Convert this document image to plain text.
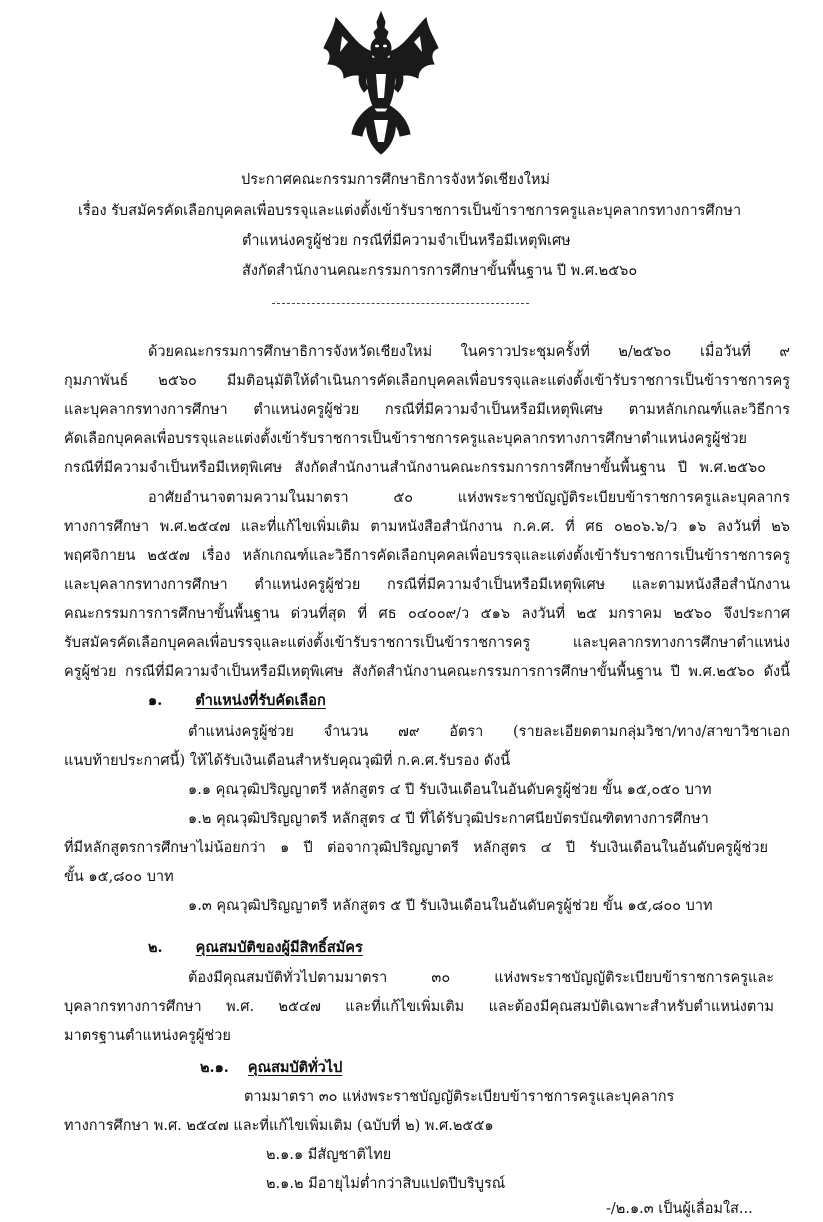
ประกาศคณะกรรมการศึกษาธิการจังหวัดเชียงใหม่
เรื่อง รับสมัครคัดเลือกบุคคลเพื่อบรรจุและแต่งตั้งเข้ารับราชการเป็นข้าราชการครูและบุคลากรทางการศึกษา
ตำแหน่งครูผู้ช่วย กรณีที่มีความจำเป็นหรือมีเหตุพิเศษ
สังกัดสำนักงานคณะกรรมการการศึกษาขั้นพื้นฐาน ปี พ.ศ.๒๕๖๐
ด้วยคณะกรรมการศึกษาธิการจังหวัดเชียงใหม่ ในคราวประชุมครั้งที่ ๒/๒๕๖๐ เมื่อวันที่ ๙
กุมภาพันธ์ ๒๕๖๐ มีมติอนุมัติให้ดำเนินการคัดเลือกบุคคลเพื่อบรรจุและแต่งตั้งเข้ารับราชการเป็นข้าราชการครู
และบุคลากรทางการศึกษา ตำแหน่งครูผู้ช่วย กรณีที่มีความจำเป็นหรือมีเหตุพิเศษ ตามหลักเกณฑ์และวิธีการ
คัดเลือกบุคคลเพื่อบรรจุและแต่งตั้งเข้ารับราชการเป็นข้าราชการครูและบุคลากรทางการศึกษาตำแหน่งครูผู้ช่วย
กรณีที่มีความจำเป็นหรือมีเหตุพิเศษ สังกัดสำนักงานสำนักงานคณะกรรมการการศึกษาขั้นพื้นฐาน ปี พ.ศ.๒๕๖๐
อาศัยอำนาจตามความในมาตรา ๕๐ แห่งพระราชบัญญัติระเบียบข้าราชการครูและบุคลากร
ทางการศึกษา พ.ศ.๒๕๔๗ และที่แก้ไขเพิ่มเติม ตามหนังสือสำนักงาน ก.ค.ศ. ที่ ศธ ๐๒๐๖.๖/ว ๑๖ ลงวันที่ ๒๖
พฤศจิกายน ๒๕๕๗ เรื่อง หลักเกณฑ์และวิธีการคัดเลือกบุคคลเพื่อบรรจุและแต่งตั้งเข้ารับราชการเป็นข้าราชการครู
และบุคลากรทางการศึกษา ตำแหน่งครูผู้ช่วย กรณีที่มีความจำเป็นหรือมีเหตุพิเศษ และตามหนังสือสำนักงาน
คณะกรรมการการศึกษาขั้นพื้นฐาน ด่วนที่สุด ที่ ศธ ๐๔๐๐๙/ว ๕๑๖ ลงวันที่ ๒๕ มกราคม ๒๕๖๐ จึงประกาศ
รับสมัครคัดเลือกบุคคลเพื่อบรรจุและแต่งตั้งเข้ารับราชการเป็นข้าราชการครู และบุคลากรทางการศึกษาตำแหน่ง
ครูผู้ช่วย กรณีที่มีความจำเป็นหรือมีเหตุพิเศษ สังกัดสำนักงานคณะกรรมการการศึกษาขั้นพื้นฐาน ปี พ.ศ.๒๕๖๐ ดังนี้
๑. ตำแหน่งที่รับคัดเลือก
ตำแหน่งครูผู้ช่วย จำนวน ๗๙ อัตรา (รายละเอียดตามกลุ่มวิชา/ทาง/สาขาวิชาเอก
แนบท้ายประกาศนี้) ให้ได้รับเงินเดือนสำหรับคุณวุฒิที่ ก.ค.ศ.รับรอง ดังนี้
๑.๑ คุณวุฒิปริญญาตรี หลักสูตร ๔ ปี รับเงินเดือนในอันดับครูผู้ช่วย ขั้น ๑๕,๐๕๐ บาท
๑.๒ คุณวุฒิปริญญาตรี หลักสูตร ๔ ปี ที่ได้รับวุฒิประกาศนียบัตรบัณฑิตทางการศึกษา
ที่มีหลักสูตรการศึกษาไม่น้อยกว่า ๑ ปี ต่อจากวุฒิปริญญาตรี หลักสูตร ๔ ปี รับเงินเดือนในอันดับครูผู้ช่วย
ขั้น ๑๕,๘๐๐ บาท
๑.๓ คุณวุฒิปริญญาตรี หลักสูตร ๕ ปี รับเงินเดือนในอันดับครูผู้ช่วย ขั้น ๑๕,๘๐๐ บาท
๒. คุณสมบัติของผู้มีสิทธิ์สมัคร
ต้องมีคุณสมบัติทั่วไปตามมาตรา ๓๐ แห่งพระราชบัญญัติระเบียบข้าราชการครูและ
บุคลากรทางการศึกษา พ.ศ. ๒๕๔๗ และที่แก้ไขเพิ่มเติม และต้องมีคุณสมบัติเฉพาะสำหรับตำแหน่งตาม
มาตรฐานตำแหน่งครูผู้ช่วย
๒.๑. คุณสมบัติทั่วไป
ตามมาตรา ๓๐ แห่งพระราชบัญญัติระเบียบข้าราชการครูและบุคลากร
ทางการศึกษา พ.ศ. ๒๕๔๗ และที่แก้ไขเพิ่มเติม (ฉบับที่ ๒) พ.ศ.๒๕๕๑
๒.๑.๑ มีสัญชาติไทย
๒.๑.๒ มีอายุไม่ต่ำกว่าสิบแปดปีบริบูรณ์
-/๒.๑.๓ เป็นผู้เลื่อมใส...
